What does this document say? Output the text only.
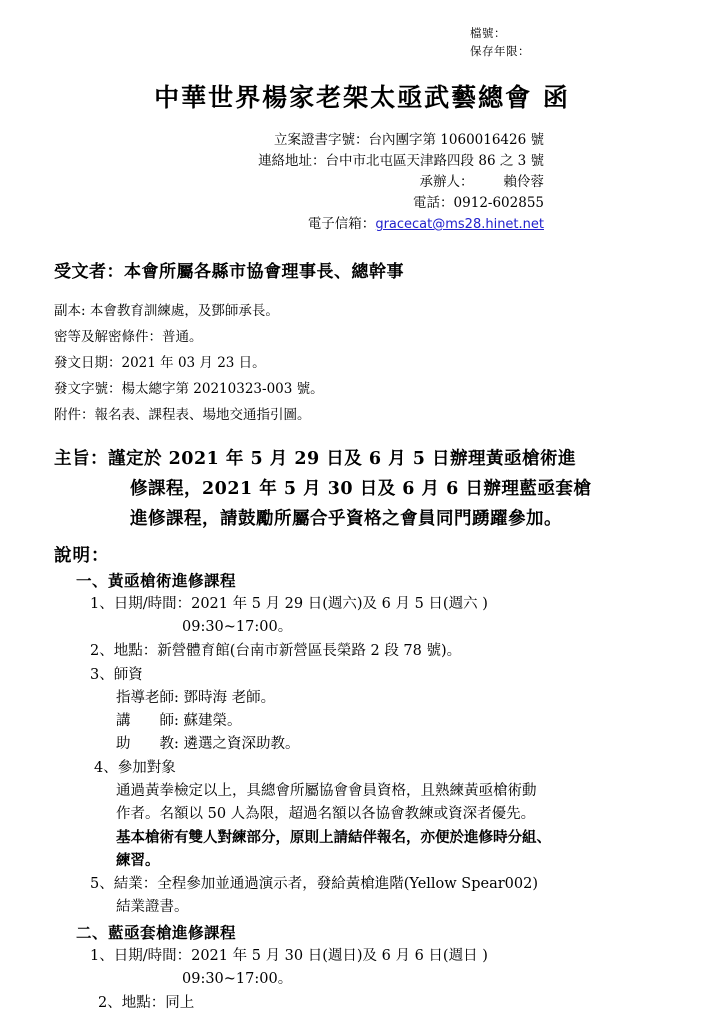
檔號：
保存年限：
中華世界楊家老架太亟武藝總會 函
立案證書字號：台內團字第 1060016426 號
連絡地址：台中市北屯區天津路四段 86 之 3 號
承辦人： 賴伶蓉
電話：0912-602855
電子信箱：gracecat@ms28.hinet.net
受文者：本會所屬各縣市協會理事長、總幹事
副本: 本會教育訓練處，及鄧師承長。
密等及解密條件：普通。
發文日期：2021 年 03 月 23 日。
發文字號：楊太總字第 20210323-003 號。
附件：報名表、課程表、場地交通指引圖。
主旨： 謹定於 2021 年 5 月 29 日及 6 月 5 日辦理黃亟槍術進
修課程，2021 年 5 月 30 日及 6 月 6 日辦理藍亟套槍
進修課程，請鼓勵所屬合乎資格之會員同門踴躍參加。
說明：
一、黃亟槍術進修課程
1、日期/時間：2021 年 5 月 29 日(週六)及 6 月 5 日(週六 )
09:30~17:00。
2、地點：新營體育館(台南市新營區長榮路 2 段 78 號)。
3、師資
指導老師: 鄧時海 老師。
講　　師: 蘇建榮。
助　　教: 遴選之資深助教。
4、參加對象
通過黃拳檢定以上，具總會所屬協會會員資格，且熟練黃亟槍術動
作者。名額以 50 人為限，超過名額以各協會教練或資深者優先。
基本槍術有雙人對練部分，原則上請結伴報名，亦便於進修時分組、
練習。
5、結業：全程參加並通過演示者，發給黃槍進階(Yellow Spear002)
結業證書。
二、藍亟套槍進修課程
1、日期/時間：2021 年 5 月 30 日(週日)及 6 月 6 日(週日 )
09:30~17:00。
2、地點：同上
